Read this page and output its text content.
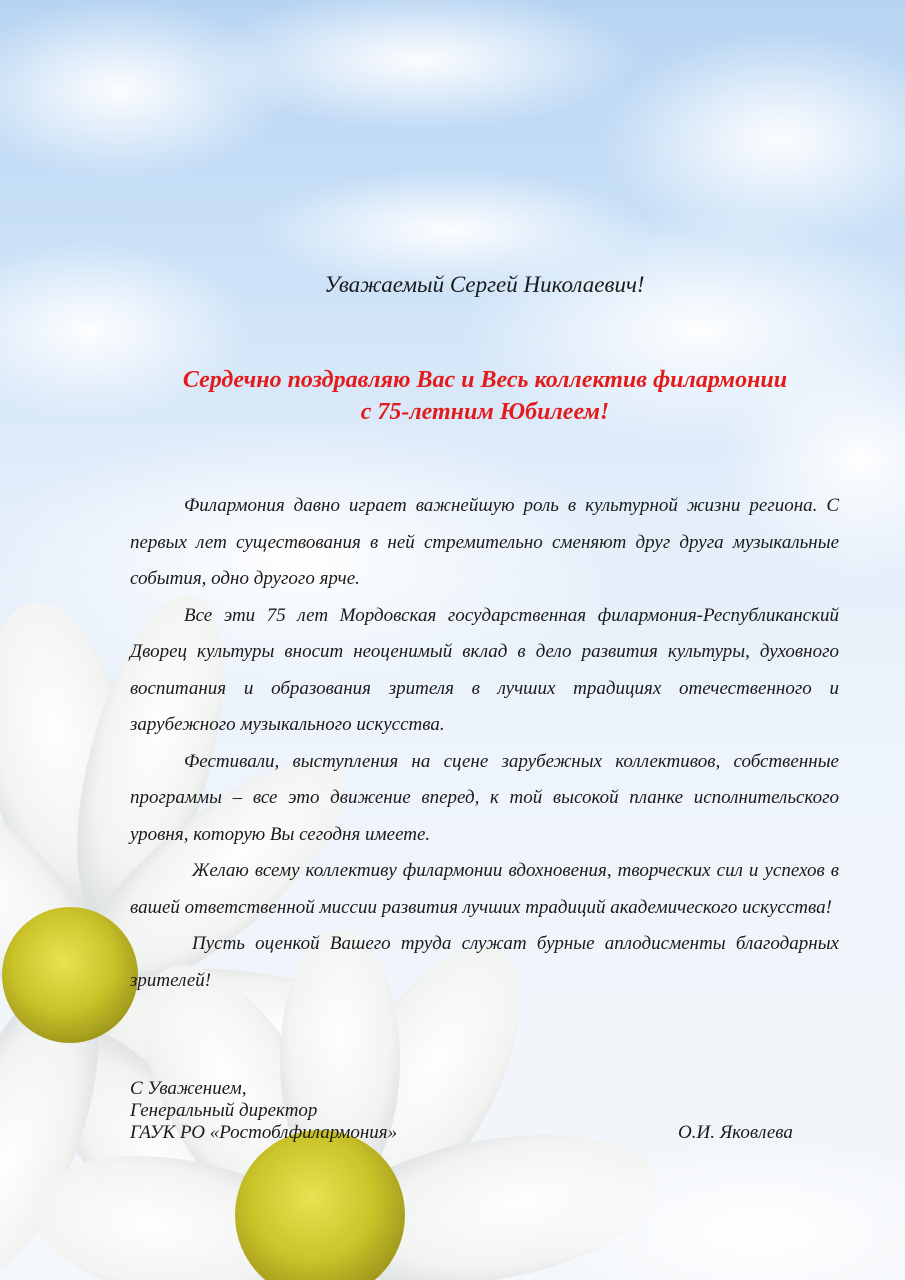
Уважаемый Сергей Николаевич!
Сердечно поздравляю Вас и Весь коллектив филармонии
с 75-летним Юбилеем!

Филармония давно играет важнейшую роль в культурной жизни региона. С первых лет существования в ней стремительно сменяют друг друга музыкальные события, одно другого ярче.

Все эти 75 лет Мордовская государственная филармония-Республиканский Дворец культуры вносит неоценимый вклад в дело развития культуры, духовного воспитания и образования зрителя в лучших традициях отечественного и зарубежного музыкального искусства.

Фестивали, выступления на сцене зарубежных коллективов, собственные программы – все это движение вперед, к той высокой планке исполнительского уровня, которую Вы сегодня имеете.

Желаю всему коллективу филармонии вдохновения, творческих сил и успехов в вашей ответственной миссии развития лучших традиций академического искусства!

Пусть оценкой Вашего труда служат бурные аплодисменты благодарных зрителей!

С Уважением,
Генеральный директор
ГАУК РО «Ростоблфилармония»	О.И. Яковлева
